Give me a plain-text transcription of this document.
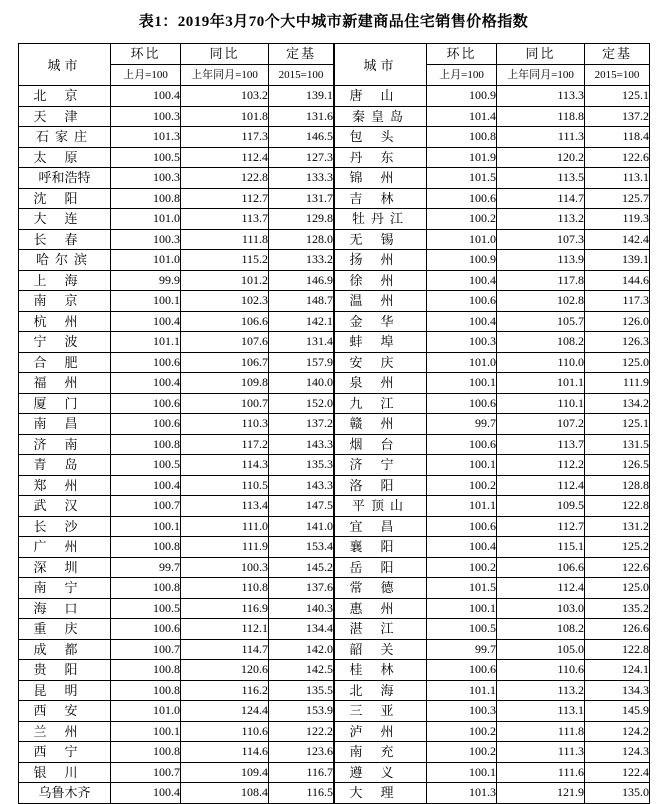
表1：2019年3月70个大中城市新建商品住宅销售价格指数
城市	环比	同比	定基		城市	环比	同比	定基
	上月=100	上年同月=100	2015=100		上月=100	上年同月=100	2015=100
北京	100.4	103.2	139.1		唐山	100.9	113.3	125.1
天津	100.3	101.8	131.6		秦皇岛	101.4	118.8	137.2
石家庄	101.3	117.3	146.5		包头	100.8	111.3	118.4
太原	100.5	112.4	127.3		丹东	101.9	120.2	122.6
呼和浩特	100.3	122.8	133.3		锦州	101.5	113.5	113.1
沈阳	100.8	112.7	131.7		吉林	100.6	114.7	125.7
大连	101.0	113.7	129.8		牡丹江	100.2	113.2	119.3
长春	100.3	111.8	128.0		无锡	101.0	107.3	142.4
哈尔滨	101.0	115.2	133.2		扬州	100.9	113.9	139.1
上海	99.9	101.2	146.9		徐州	100.4	117.8	144.6
南京	100.1	102.3	148.7		温州	100.6	102.8	117.3
杭州	100.4	106.6	142.1		金华	100.4	105.7	126.0
宁波	101.1	107.6	131.4		蚌埠	100.3	108.2	126.3
合肥	100.6	106.7	157.9		安庆	101.0	110.0	125.0
福州	100.4	109.8	140.0		泉州	100.1	101.1	111.9
厦门	100.6	100.7	152.0		九江	100.6	110.1	134.2
南昌	100.6	110.3	137.2		赣州	99.7	107.2	125.1
济南	100.8	117.2	143.3		烟台	100.6	113.7	131.5
青岛	100.5	114.3	135.3		济宁	100.1	112.2	126.5
郑州	100.4	110.5	143.3		洛阳	100.2	112.4	128.8
武汉	100.7	113.4	147.5		平顶山	101.1	109.5	122.8
长沙	100.1	111.0	141.0		宜昌	100.6	112.7	131.2
广州	100.8	111.9	153.4		襄阳	100.4	115.1	125.2
深圳	99.7	100.3	145.2		岳阳	100.2	106.6	122.6
南宁	100.8	110.8	137.6		常德	101.5	112.4	125.0
海口	100.5	116.9	140.3		惠州	100.1	103.0	135.2
重庆	100.6	112.1	134.4		湛江	100.5	108.2	126.6
成都	100.7	114.7	142.0		韶关	99.7	105.0	122.8
贵阳	100.8	120.6	142.5		桂林	100.6	110.6	124.1
昆明	100.8	116.2	135.5		北海	101.1	113.2	134.3
西安	101.0	124.4	153.9		三亚	100.3	113.1	145.9
兰州	100.1	110.6	122.2		泸州	100.2	111.8	124.2
西宁	100.8	114.6	123.6		南充	100.2	111.3	124.3
银川	100.7	109.4	116.7		遵义	100.1	111.6	122.4
乌鲁木齐	100.4	108.4	116.5		大理	101.3	121.9	135.0
